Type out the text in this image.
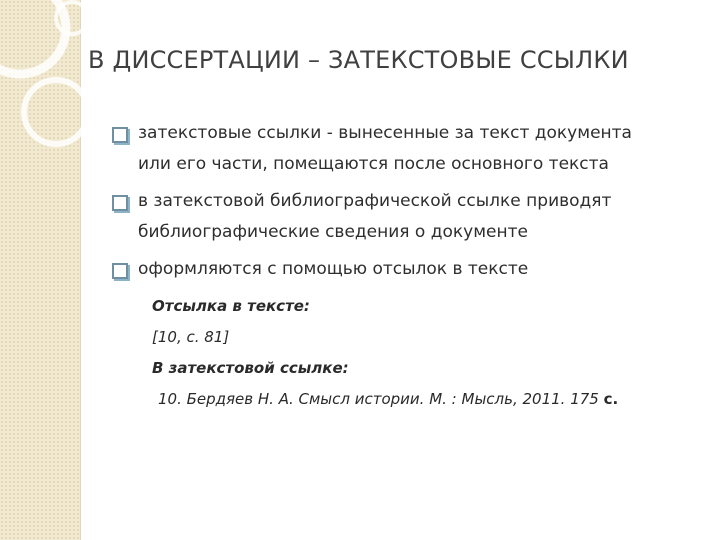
В ДИССЕРТАЦИИ – ЗАТЕКСТОВЫЕ ССЫЛКИ
затекстовые ссылки - вынесенные за текст документа
или его части, помещаются после основного текста
в затекстовой библиографической ссылке приводят
библиографические сведения о документе
оформляются с помощью отсылок в тексте
Отсылка в тексте:
[10, с. 81]
В затекстовой ссылке:
10. Бердяев Н. А. Смысл истории. М. : Мысль, 2011. 175 с.
